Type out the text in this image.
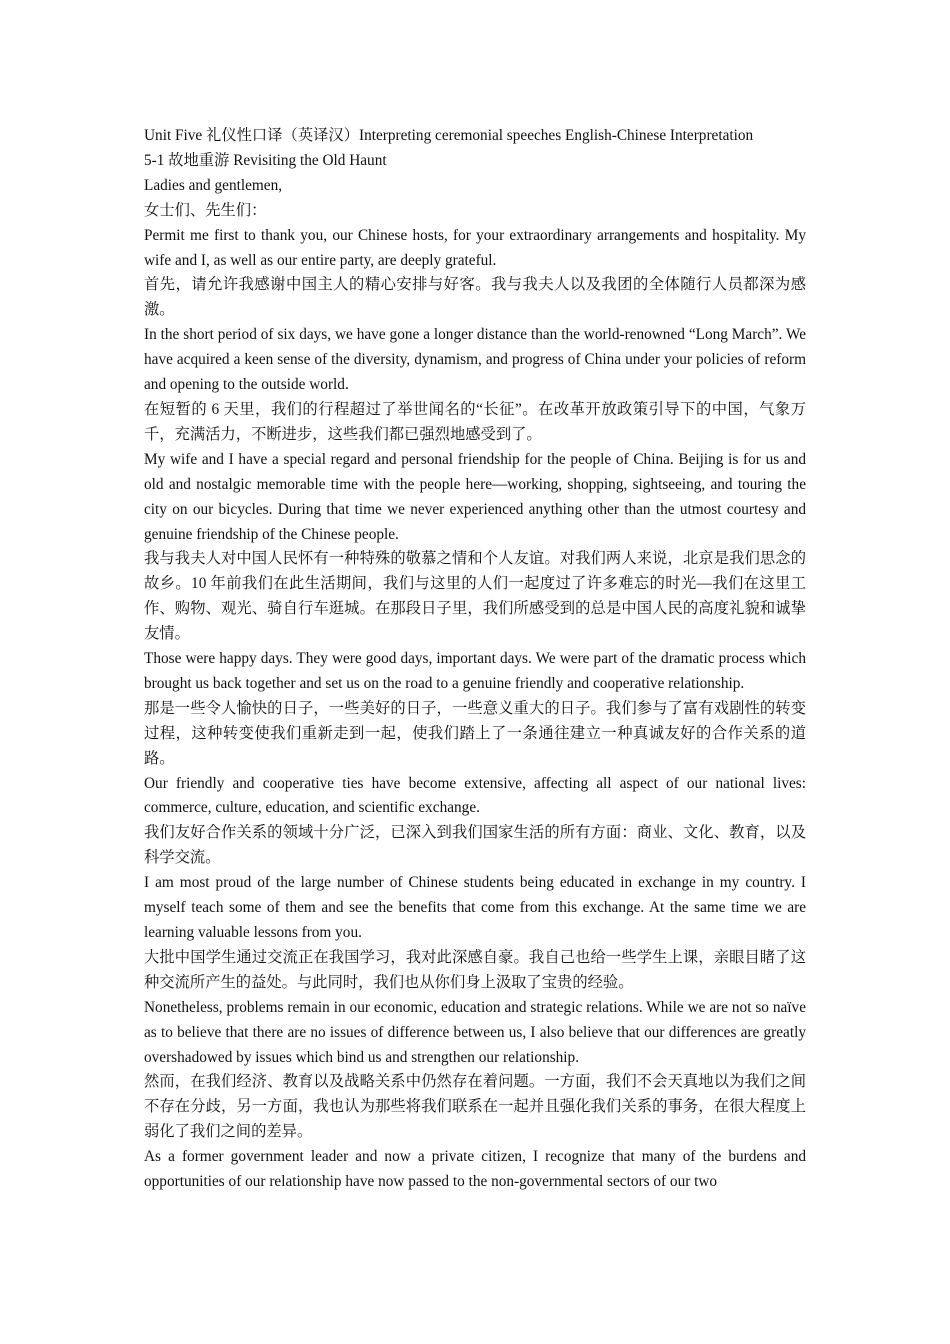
Unit Five 礼仪性口译（英译汉）Interpreting ceremonial speeches English-Chinese Interpretation

5-1 故地重游 Revisiting the Old Haunt

Ladies and gentlemen,

女士们、先生们：

Permit me first to thank you, our Chinese hosts, for your extraordinary arrangements and hospitality. My wife and I, as well as our entire party, are deeply grateful.

首先，请允许我感谢中国主人的精心安排与好客。我与我夫人以及我团的全体随行人员都深为感激。

In the short period of six days, we have gone a longer distance than the world-renowned “Long March”. We have acquired a keen sense of the diversity, dynamism, and progress of China under your policies of reform and opening to the outside world.

在短暂的 6 天里，我们的行程超过了举世闻名的“长征”。在改革开放政策引导下的中国，气象万千，充满活力，不断进步，这些我们都已强烈地感受到了。

My wife and I have a special regard and personal friendship for the people of China. Beijing is for us and old and nostalgic memorable time with the people here—working, shopping, sightseeing, and touring the city on our bicycles. During that time we never experienced anything other than the utmost courtesy and genuine friendship of the Chinese people.

我与我夫人对中国人民怀有一种特殊的敬慕之情和个人友谊。对我们两人来说，北京是我们思念的故乡。10 年前我们在此生活期间，我们与这里的人们一起度过了许多难忘的时光—我们在这里工作、购物、观光、骑自行车逛城。在那段日子里，我们所感受到的总是中国人民的高度礼貌和诚挚友情。

Those were happy days. They were good days, important days. We were part of the dramatic process which brought us back together and set us on the road to a genuine friendly and cooperative relationship.

那是一些令人愉快的日子，一些美好的日子，一些意义重大的日子。我们参与了富有戏剧性的转变过程，这种转变使我们重新走到一起，使我们踏上了一条通往建立一种真诚友好的合作关系的道路。

Our friendly and cooperative ties have become extensive, affecting all aspect of our national lives: commerce, culture, education, and scientific exchange.

我们友好合作关系的领域十分广泛，已深入到我们国家生活的所有方面：商业、文化、教育，以及科学交流。

I am most proud of the large number of Chinese students being educated in exchange in my country. I myself teach some of them and see the benefits that come from this exchange. At the same time we are learning valuable lessons from you.

大批中国学生通过交流正在我国学习，我对此深感自豪。我自己也给一些学生上课，亲眼目睹了这种交流所产生的益处。与此同时，我们也从你们身上汲取了宝贵的经验。

Nonetheless, problems remain in our economic, education and strategic relations. While we are not so naïve as to believe that there are no issues of difference between us, I also believe that our differences are greatly overshadowed by issues which bind us and strengthen our relationship.

然而，在我们经济、教育以及战略关系中仍然存在着问题。一方面，我们不会天真地以为我们之间不存在分歧，另一方面，我也认为那些将我们联系在一起并且强化我们关系的事务，在很大程度上弱化了我们之间的差异。

As a former government leader and now a private citizen, I recognize that many of the burdens and opportunities of our relationship have now passed to the non-governmental sectors of our two
